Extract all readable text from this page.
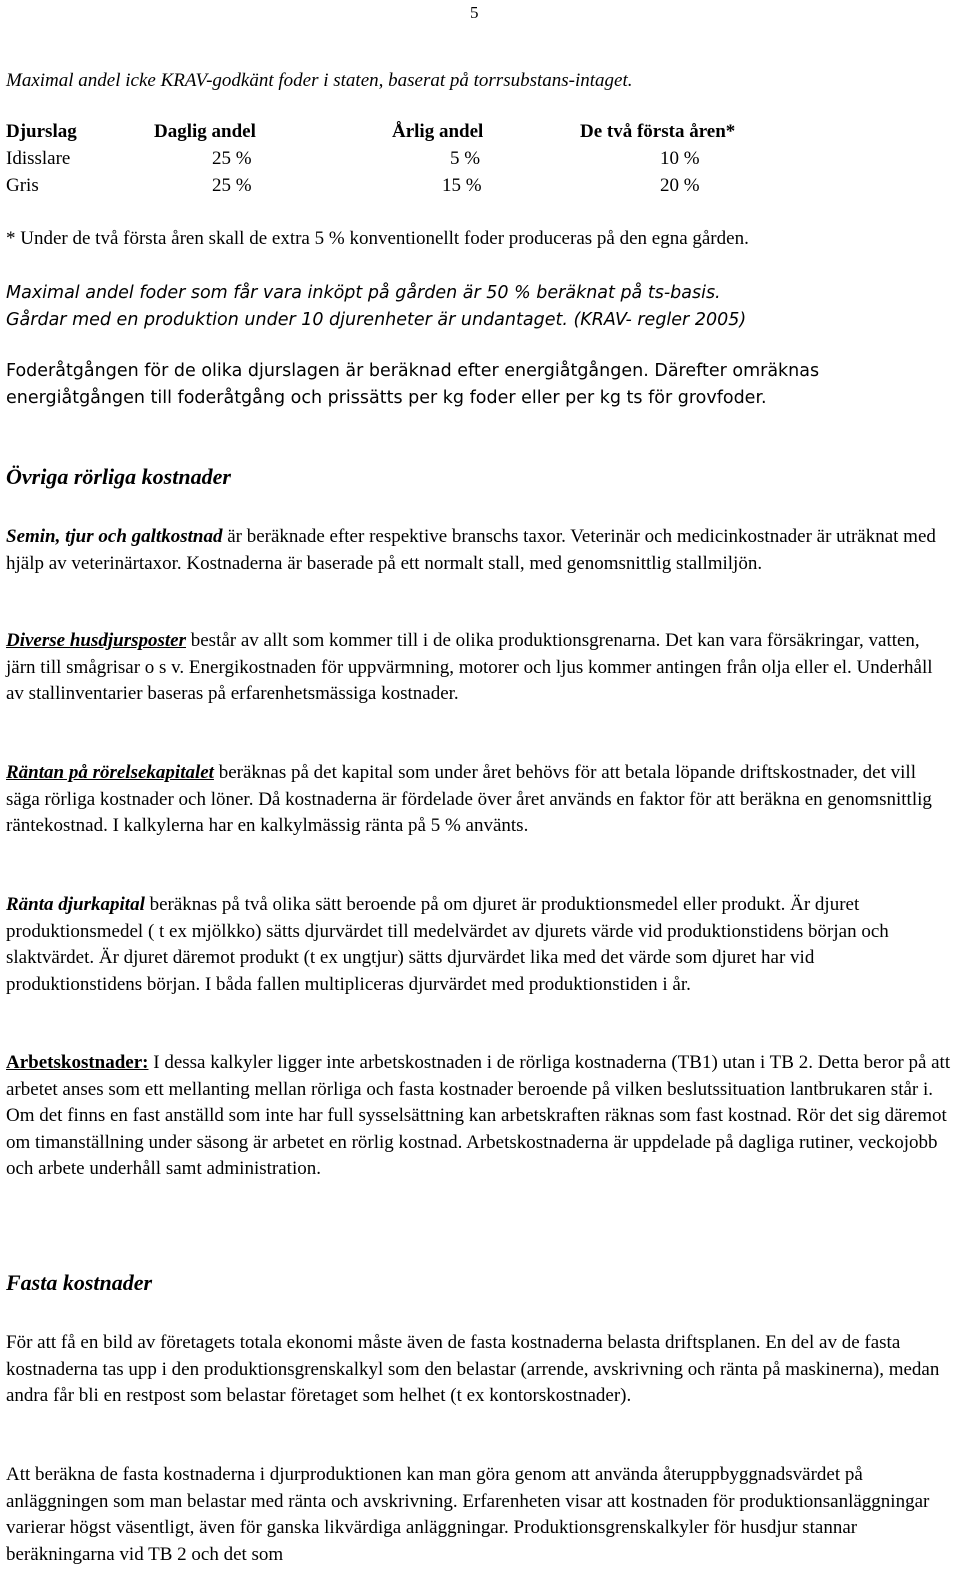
5

Maximal andel icke KRAV-godkänt foder i staten, baserat på torrsubstans-intaget.

Djurslag	Daglig andel	Årlig andel	De två första åren*
Idisslare	25 %	5 %	10 %
Gris	25 %	15 %	20 %

* Under de två första åren skall de extra 5 % konventionellt foder produceras på den egna gården.

Maximal andel foder som får vara inköpt på gården är 50 % beräknat på ts-basis.
Gårdar med en produktion under 10 djurenheter är undantaget. (KRAV- regler 2005)

Foderåtgången för de olika djurslagen är beräknad efter energiåtgången. Därefter omräknas energiåtgången till foderåtgång och prissätts per kg foder eller per kg ts för grovfoder.

Övriga rörliga kostnader

Semin, tjur och galtkostnad är beräknade efter respektive branschs taxor. Veterinär och medicinkostnader är uträknat med hjälp av veterinärtaxor. Kostnaderna är baserade på ett normalt stall, med genomsnittlig stallmiljön.

Diverse husdjursposter består av allt som kommer till i de olika produktionsgrenarna. Det kan vara försäkringar, vatten, järn till smågrisar o s v. Energikostnaden för uppvärmning, motorer och ljus kommer antingen från olja eller el. Underhåll av stallinventarier baseras på erfarenhetsmässiga kostnader.

Räntan på rörelsekapitalet beräknas på det kapital som under året behövs för att betala löpande driftskostnader, det vill säga rörliga kostnader och löner. Då kostnaderna är fördelade över året används en faktor för att beräkna en genomsnittlig räntekostnad. I kalkylerna har en kalkylmässig ränta på 5 % använts.

Ränta djurkapital beräknas på två olika sätt beroende på om djuret är produktionsmedel eller produkt. Är djuret produktionsmedel ( t ex mjölkko) sätts djurvärdet till medelvärdet av djurets värde vid produktionstidens början och slaktvärdet. Är djuret däremot produkt (t ex ungtjur) sätts djurvärdet lika med det värde som djuret har vid produktionstidens början. I båda fallen multipliceras djurvärdet med produktionstiden i år.

Arbetskostnader: I dessa kalkyler ligger inte arbetskostnaden i de rörliga kostnaderna (TB1) utan i TB 2. Detta beror på att arbetet anses som ett mellanting mellan rörliga och fasta kostnader beroende på vilken beslutssituation lantbrukaren står i. Om det finns en fast anställd som inte har full sysselsättning kan arbetskraften räknas som fast kostnad. Rör det sig däremot om timanställning under säsong är arbetet en rörlig kostnad. Arbetskostnaderna är uppdelade på dagliga rutiner, veckojobb och arbete underhåll samt administration.

Fasta kostnader

För att få en bild av företagets totala ekonomi måste även de fasta kostnaderna belasta driftsplanen. En del av de fasta kostnaderna tas upp i den produktionsgrenskalkyl som den belastar (arrende, avskrivning och ränta på maskinerna), medan andra får bli en restpost som belastar företaget som helhet (t ex kontorskostnader).

Att beräkna de fasta kostnaderna i djurproduktionen kan man göra genom att använda återuppbyggnadsvärdet på anläggningen som man belastar med ränta och avskrivning. Erfarenheten visar att kostnaden för produktionsanläggningar varierar högst väsentligt, även för ganska likvärdiga anläggningar. Produktionsgrenskalkyler för husdjur stannar beräkningarna vid TB 2 och det som
